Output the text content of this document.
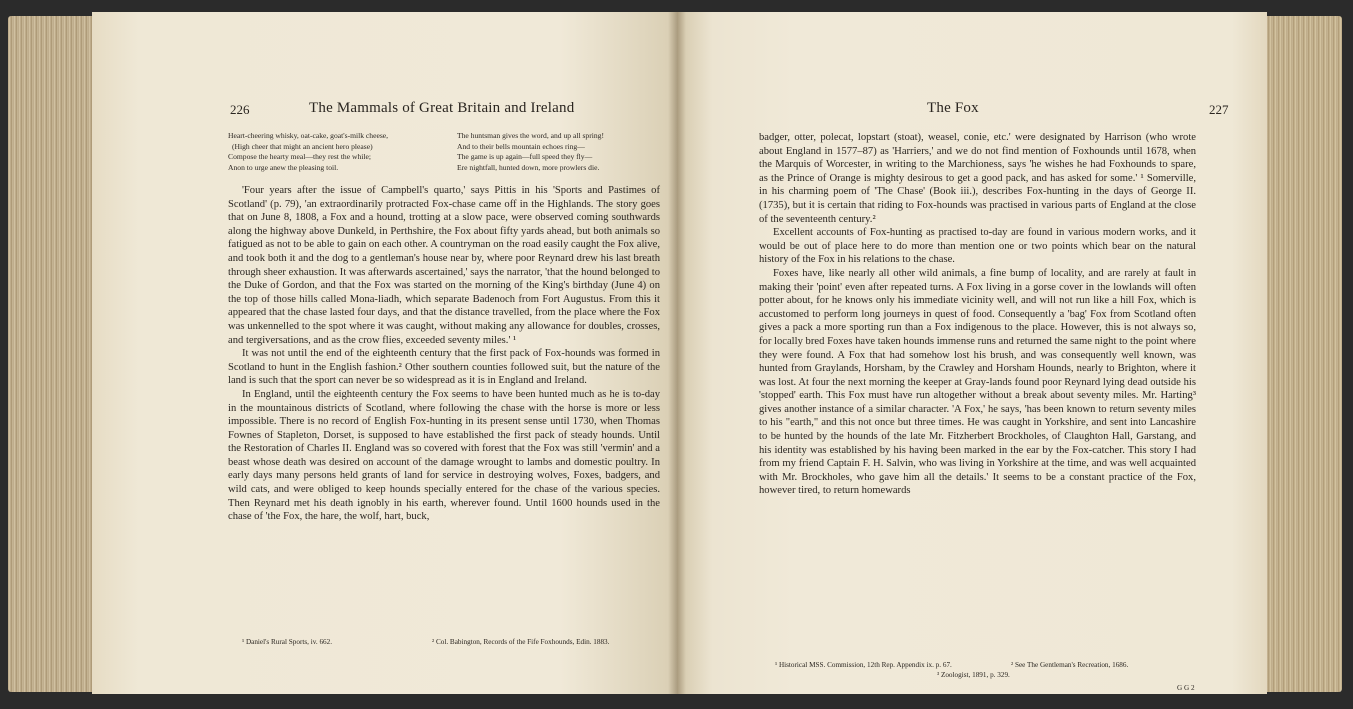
226	The Mammals of Great Britain and Ireland
Heart-cheering whisky, oat-cake, goat's-milk cheese,
(High cheer that might an ancient hero please)
Compose the hearty meal—they rest the while;
Anon to urge anew the pleasing toil.
The huntsman gives the word, and up all spring!
And to their bells mountain echoes ring—
The game is up again—full speed they fly—
Ere nightfall, hunted down, more prowlers die.

'Four years after the issue of Campbell's quarto,' says Pittis in his 'Sports and Pastimes of Scotland' (p. 79), 'an extraordinarily protracted Fox-chase came off in the Highlands. The story goes that on June 8, 1808, a Fox and a hound, trotting at a slow pace, were observed coming southwards along the highway above Dunkeld, in Perthshire, the Fox about fifty yards ahead, but both animals so fatigued as not to be able to gain on each other. A countryman on the road easily caught the Fox alive, and took both it and the dog to a gentleman's house near by, where poor Reynard drew his last breath through sheer exhaustion. It was afterwards ascertained,' says the narrator, 'that the hound belonged to the Duke of Gordon, and that the Fox was started on the morning of the King's birthday (June 4) on the top of those hills called Mona-liadh, which separate Badenoch from Fort Augustus. From this it appeared that the chase lasted four days, and that the distance travelled, from the place where the Fox was unkennelled to the spot where it was caught, without making any allowance for doubles, crosses, and tergiversations, and as the crow flies, exceeded seventy miles.' ¹

It was not until the end of the eighteenth century that the first pack of Fox-hounds was formed in Scotland to hunt in the English fashion.² Other southern counties followed suit, but the nature of the land is such that the sport can never be so widespread as it is in England and Ireland.

In England, until the eighteenth century the Fox seems to have been hunted much as he is to-day in the mountainous districts of Scotland, where following the chase with the horse is more or less impossible. There is no record of English Fox-hunting in its present sense until 1730, when Thomas Fownes of Stapleton, Dorset, is supposed to have established the first pack of steady hounds. Until the Restoration of Charles II. England was so covered with forest that the Fox was still 'vermin' and a beast whose death was desired on account of the damage wrought to lambs and domestic poultry. In early days many persons held grants of land for service in destroying wolves, Foxes, badgers, and wild cats, and were obliged to keep hounds specially entered for the chase of the various species. Then Reynard met his death ignobly in his earth, wherever found. Until 1600 hounds used in the chase of 'the Fox, the hare, the wolf, hart, buck,

¹ Daniel's Rural Sports, iv. 662.	² Col. Babington, Records of the Fife Foxhounds, Edin. 1883.
The Fox	227

badger, otter, polecat, lopstart (stoat), weasel, conie, etc.' were designated by Harrison (who wrote about England in 1577–87) as 'Harriers,' and we do not find mention of Foxhounds until 1678, when the Marquis of Worcester, in writing to the Marchioness, says 'he wishes he had Foxhounds to spare, as the Prince of Orange is mighty desirous to get a good pack, and has asked for some.' ¹ Somerville, in his charming poem of 'The Chase' (Book iii.), describes Fox-hunting in the days of George II. (1735), but it is certain that riding to Fox-hounds was practised in various parts of England at the close of the seventeenth century.²

Excellent accounts of Fox-hunting as practised to-day are found in various modern works, and it would be out of place here to do more than mention one or two points which bear on the natural history of the Fox in his relations to the chase.

Foxes have, like nearly all other wild animals, a fine bump of locality, and are rarely at fault in making their 'point' even after repeated turns. A Fox living in a gorse cover in the lowlands will often potter about, for he knows only his immediate vicinity well, and will not run like a hill Fox, which is accustomed to perform long journeys in quest of food. Consequently a 'bag' Fox from Scotland often gives a pack a more sporting run than a Fox indigenous to the place. However, this is not always so, for locally bred Foxes have taken hounds immense runs and returned the same night to the point where they were found. A Fox that had somehow lost his brush, and was consequently well known, was hunted from Graylands, Horsham, by the Crawley and Horsham Hounds, nearly to Brighton, where it was lost. At four the next morning the keeper at Gray-lands found poor Reynard lying dead outside his 'stopped' earth. This Fox must have run altogether without a break about seventy miles. Mr. Harting³ gives another instance of a similar character. 'A Fox,' he says, 'has been known to return seventy miles to his "earth," and this not once but three times. He was caught in Yorkshire, and sent into Lancashire to be hunted by the hounds of the late Mr. Fitzherbert Brockholes, of Claughton Hall, Garstang, and his identity was established by his having been marked in the ear by the Fox-catcher. This story I had from my friend Captain F. H. Salvin, who was living in Yorkshire at the time, and was well acquainted with Mr. Brockholes, who gave him all the details.' It seems to be a constant practice of the Fox, however tired, to return homewards

¹ Historical MSS. Commission, 12th Rep. Appendix ix. p. 67.	² See The Gentleman's Recreation, 1686.
³ Zoologist, 1891, p. 329.
G G 2
